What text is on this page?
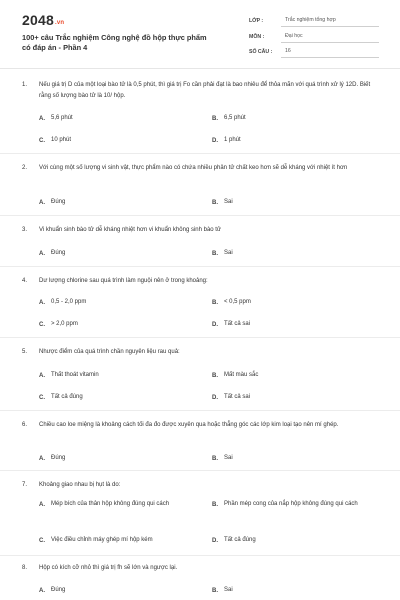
2048.vn
100+ câu Trắc nghiệm Công nghệ đồ hộp thực phẩm có đáp án - Phần 4
LỚP :	Trắc nghiệm tổng hợp
MÔN :	Đại học
SỐ CÂU :	16
1. Nếu giá trị D của một loại bào tử là 0,5 phút, thì giá trị Fo cần phải đạt là bao nhiêu để thỏa mãn với quá trình xử lý 12D. Biết rằng số lượng bào tử là 10/ hộp.
A.	5,6 phút	B.	6,5 phút
C.	10 phút	D.	1 phút
2. Với cùng một số lượng vi sinh vật, thực phẩm nào có chứa nhiều phân tử chất keo hơn sẽ dễ kháng với nhiệt ít hơn
A.	Đúng	B.	Sai
3. Vi khuẩn sinh bào tử dễ kháng nhiệt hơn vi khuẩn không sinh bào tử
A.	Đúng	B.	Sai
4. Dư lượng chlorine sau quá trình làm nguội nên ở trong khoảng:
A.	0,5 - 2,0 ppm	B.	< 0,5 ppm
C.	> 2,0 ppm	D.	Tất cả sai
5. Nhược điểm của quá trình chần nguyên liệu rau quả:
A.	Thất thoát vitamin	B.	Mất màu sắc
C.	Tất cả đúng	D.	Tất cả sai
6. Chiều cao loe miệng là khoảng cách tối đa đo được xuyên qua hoặc thẳng góc các lớp kim loại tạo nên mí ghép.
A.	Đúng	B.	Sai
7. Khoảng giao nhau bị hụt là do:
A.	Mép bích của thân hộp không đúng qui cách	B.	Phần mép cong của nắp hộp không đúng qui cách
C.	Việc điều chỉnh máy ghép mí hộp kém	D.	Tất cả đúng
8. Hộp có kích cỡ nhỏ thì giá trị fh sẽ lớn và ngược lại.
A.	Đúng	B.	Sai
